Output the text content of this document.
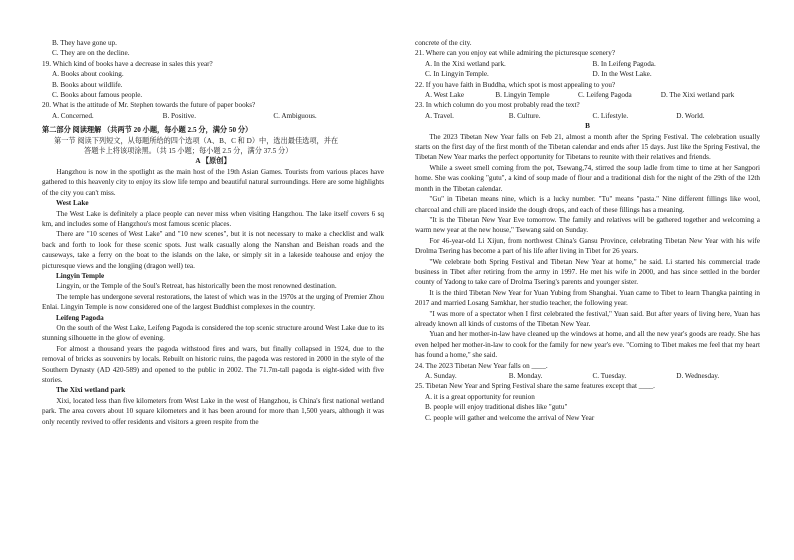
B. They have gone up.
C. They are on the decline.
19. Which kind of books have a decrease in sales this year?
A. Books about cooking.
B. Books about wildlife.
C. Books about famous people.
20. What is the attitude of Mr. Stephen towards the future of paper books?
A. Concerned.	B. Positive.	C. Ambiguous.
第二部分 阅读理解 （共两节 20 小题，每小题 2.5 分，满分 50 分）
第一节 阅读下列短文，从每题所给的四个选项（A、B、C 和 D）中，选出最佳选项，并在
答题卡上将该项涂黑。（共 15 小题；每小题 2.5 分，满分 37.5 分）
A 【原创】

Hangzhou is now in the spotlight as the main host of the 19th Asian Games. Tourists from various places have gathered to this heavenly city to enjoy its slow life tempo and beautiful natural surroundings. Here are some highlights of the city you can't miss.

West Lake

The West Lake is definitely a place people can never miss when visiting Hangzhou. The lake itself covers 6 sq km, and includes some of Hangzhou's most famous scenic places.

There are "10 scenes of West Lake" and "10 new scenes", but it is not necessary to make a checklist and walk back and forth to look for these scenic spots. Just walk casually along the Nanshan and Beishan roads and the causeways, take a ferry on the boat to the islands on the lake, or simply sit in a lakeside teahouse and enjoy the picturesque views and the longjing (dragon well) tea.

Lingyin Temple

Lingyin, or the Temple of the Soul's Retreat, has historically been the most renowned destination.

The temple has undergone several restorations, the latest of which was in the 1970s at the urging of Premier Zhou Enlai. Lingyin Temple is now considered one of the largest Buddhist complexes in the country.

Leifeng Pagoda

On the south of the West Lake, Leifeng Pagoda is considered the top scenic structure around West Lake due to its stunning silhouette in the glow of evening.

For almost a thousand years the pagoda withstood fires and wars, but finally collapsed in 1924, due to the removal of bricks as souvenirs by locals. Rebuilt on historic ruins, the pagoda was restored in 2000 in the style of the Southern Dynasty (AD 420-589) and opened to the public in 2002. The 71.7m-tall pagoda is eight-sided with five stories.

The Xixi wetland park

Xixi, located less than five kilometers from West Lake in the west of Hangzhou, is China's first national wetland park. The area covers about 10 square kilometers and it has been around for more than 1,500 years, although it was only recently revived to offer residents and visitors a green respite from the

concrete of the city.
21. Where can you enjoy eat while admiring the picturesque scenery?
A. In the Xixi wetland park.	B. In Leifeng Pagoda.
C. In Lingyin Temple.	D. In the West Lake.
22. If you have faith in Buddha, which spot is most appealing to you?
A. West Lake	B. Lingyin Temple	C. Leifeng Pagoda	D. The Xixi wetland park
23. In which column do you most probably read the text?
A. Travel.	B. Culture.	C. Lifestyle.	D. World.
B

The 2023 Tibetan New Year falls on Feb 21, almost a month after the Spring Festival. The celebration usually starts on the first day of the first month of the Tibetan calendar and ends after 15 days. Just like the Spring Festival, the Tibetan New Year marks the perfect opportunity for Tibetans to reunite with their relatives and friends.

While a sweet smell coming from the pot, Tsewang,74, stirred the soup ladle from time to time at her Sangpori home. She was cooking "gutu", a kind of soup made of flour and a traditional dish for the night of the 29th of the 12th month in the Tibetan calendar.

"Gu" in Tibetan means nine, which is a lucky number. "Tu" means "pasta." Nine different fillings like wool, charcoal and chili are placed inside the dough drops, and each of these fillings has a meaning.

"It is the Tibetan New Year Eve tomorrow. The family and relatives will be gathered together and welcoming a warm new year at the new house," Tsewang said on Sunday.

For 46-year-old Li Xijun, from northwest China's Gansu Province, celebrating Tibetan New Year with his wife Drolma Tsering has become a part of his life after living in Tibet for 26 years.

"We celebrate both Spring Festival and Tibetan New Year at home," he said. Li started his commercial trade business in Tibet after retiring from the army in 1997. He met his wife in 2000, and has since settled in the border county of Yadong to take care of Drolma Tsering's parents and younger sister.

It is the third Tibetan New Year for Yuan Yubing from Shanghai. Yuan came to Tibet to learn Thangka painting in 2017 and married Losang Samkhar, her studio teacher, the following year.

"I was more of a spectator when I first celebrated the festival," Yuan said. But after years of living here, Yuan has already known all kinds of customs of the Tibetan New Year.

Yuan and her mother-in-law have cleaned up the windows at home, and all the new year's goods are ready. She has even helped her mother-in-law to cook for the family for new year's eve. "Coming to Tibet makes me feel that my heart has found a home," she said.

24. The 2023 Tibetan New Year falls on ____.
A. Sunday.	B. Monday.	C. Tuesday.	D. Wednesday.
25. Tibetan New Year and Spring Festival share the same features except that ____.
A. it is a great opportunity for reunion
B. people will enjoy traditional dishes like "gutu"
C. people will gather and welcome the arrival of New Year
